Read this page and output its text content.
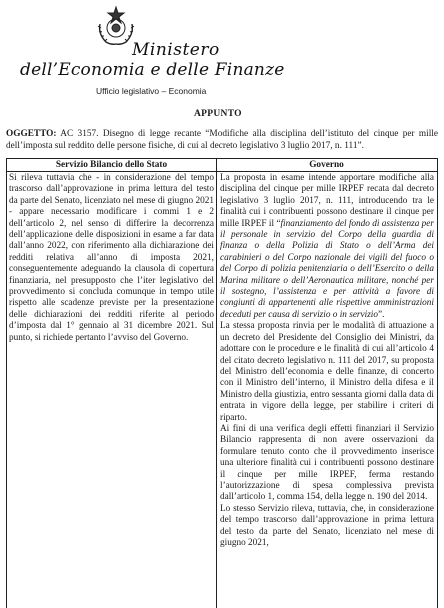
Ministero
dell’Economia e delle Finanze
Ufficio legislativo – Economia
APPUNTO
OGGETTO: AC 3157. Disegno di legge recante “Modifiche alla disciplina dell’istituto del cinque per mille dell’imposta sul reddito delle persone fisiche, di cui al decreto legislativo 3 luglio 2017, n. 111”.
Servizio Bilancio dello Stato	Governo

Si rileva tuttavia che - in considerazione del tempo trascorso dall’approvazione in prima lettura del testo da parte del Senato, licenziato nel mese di giugno 2021 - appare necessario modificare i commi 1 e 2 dell’articolo 2, nel senso di differire la decorrenza dell’applicazione delle disposizioni in esame a far data dall’anno 2022, con riferimento alla dichiarazione dei redditi relativa all’anno di imposta 2021, conseguentemente adeguando la clausola di copertura finanziaria, nel presupposto che l’iter legislativo del provvedimento si concluda comunque in tempo utile rispetto alle scadenze previste per la presentazione delle dichiarazioni dei redditi riferite al periodo d’imposta dal 1° gennaio al 31 dicembre 2021. Sul punto, si richiede pertanto l’avviso del Governo.

La proposta in esame intende apportare modifiche alla disciplina del cinque per mille IRPEF recata dal decreto legislativo 3 luglio 2017, n. 111, introducendo tra le finalità cui i contribuenti possono destinare il cinque per mille IRPEF il “finanziamento del fondo di assistenza per il personale in servizio del Corpo della guardia di finanza o della Polizia di Stato o dell’Arma dei carabinieri o del Corpo nazionale dei vigili del fuoco o del Corpo di polizia penitenziaria o dell’Esercito o della Marina militare o dell’Aeronautica militare, nonché per il sostegno, l’assistenza e per attività a favore di congiunti di appartenenti alle rispettive amministrazioni deceduti per causa di servizio o in servizio”.

La stessa proposta rinvia per le modalità di attuazione a un decreto del Presidente del Consiglio dei Ministri, da adottare con le procedure e le finalità di cui all’articolo 4 del citato decreto legislativo n. 111 del 2017, su proposta del Ministro dell’economia e delle finanze, di concerto con il Ministro dell’interno, il Ministro della difesa e il Ministro della giustizia, entro sessanta giorni dalla data di entrata in vigore della legge, per stabilire i criteri di riparto.

Ai fini di una verifica degli effetti finanziari il Servizio Bilancio rappresenta di non avere osservazioni da formulare tenuto conto che il provvedimento inserisce una ulteriore finalità cui i contribuenti possono destinare il cinque per mille IRPEF, ferma restando l’autorizzazione di spesa complessiva prevista dall’articolo 1, comma 154, della legge n. 190 del 2014.

Lo stesso Servizio rileva, tuttavia, che, in considerazione del tempo trascorso dall’approvazione in prima lettura del testo da parte del Senato, licenziato nel mese di giugno 2021,
